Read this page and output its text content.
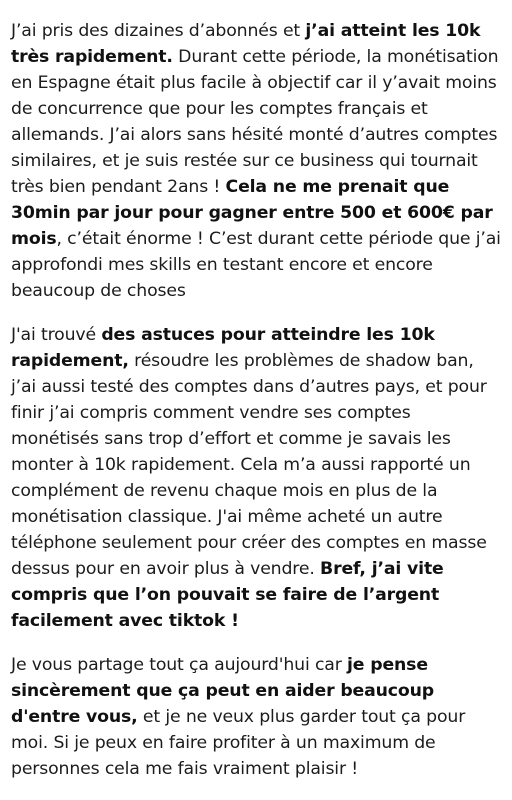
J’ai pris des dizaines d’abonnés et j’ai atteint les 10k très rapidement. Durant cette période, la monétisation en Espagne était plus facile à objectif car il y’avait moins de concurrence que pour les comptes français et allemands. J’ai alors sans hésité monté d’autres comptes similaires, et je suis restée sur ce business qui tournait très bien pendant 2ans ! Cela ne me prenait que 30min par jour pour gagner entre 500 et 600€ par mois, c’était énorme ! C’est durant cette période que j’ai approfondi mes skills en testant encore et encore beaucoup de choses

J'ai trouvé des astuces pour atteindre les 10k rapidement, résoudre les problèmes de shadow ban, j’ai aussi testé des comptes dans d’autres pays, et pour finir j’ai compris comment vendre ses comptes monétisés sans trop d’effort et comme je savais les monter à 10k rapidement. Cela m’a aussi rapporté un complément de revenu chaque mois en plus de la monétisation classique. J'ai même acheté un autre téléphone seulement pour créer des comptes en masse dessus pour en avoir plus à vendre. Bref, j’ai vite compris que l’on pouvait se faire de l’argent facilement avec tiktok !

Je vous partage tout ça aujourd'hui car je pense sincèrement que ça peut en aider beaucoup d'entre vous, et je ne veux plus garder tout ça pour moi. Si je peux en faire profiter à un maximum de personnes cela me fais vraiment plaisir !
